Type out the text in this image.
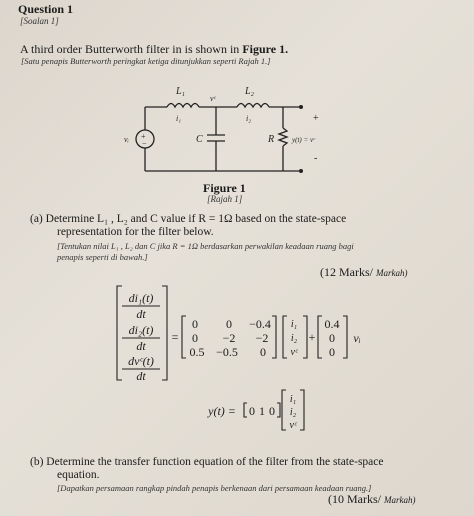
Question 1
[Soalan 1]
A third order Butterworth filter in is shown in Figure 1.
[Satu penapis Butterworth peringkat ketiga ditunjukkan seperti Rajah 1.]
+
−
L₁	L₂
i₁	i₂
vᶜ
C
vᵢ	R	y(t) = vᶜ
+
-
Figure 1
[Rajah 1]
(a) Determine L₁ , L₂ and C value if R = 1Ω based on the state-space
representation for the filter below.
[Tentukan nilai L₁ , L₂ dan C jika R = 1Ω berdasarkan perwakilan keadaan ruang bagi
penapis seperti di bawah.]
(12 Marks/ Markah)
di₁(t)
dt
di₂(t)
dt
dvᶜ(t)
dt
=
0 0 −0.4
0 −2 −2
0.5 −0.5 0
i₁
i₂
vᶜ
+
0.4
0
0
vᵢ
y(t) = 0 1 0
i₁
i₂
vᶜ
(b) Determine the transfer function equation of the filter from the state-space
equation.
[Dapatkan persamaan rangkap pindah penapis berkenaan dari persamaan keadaan ruang.]
(10 Marks/ Markah)
